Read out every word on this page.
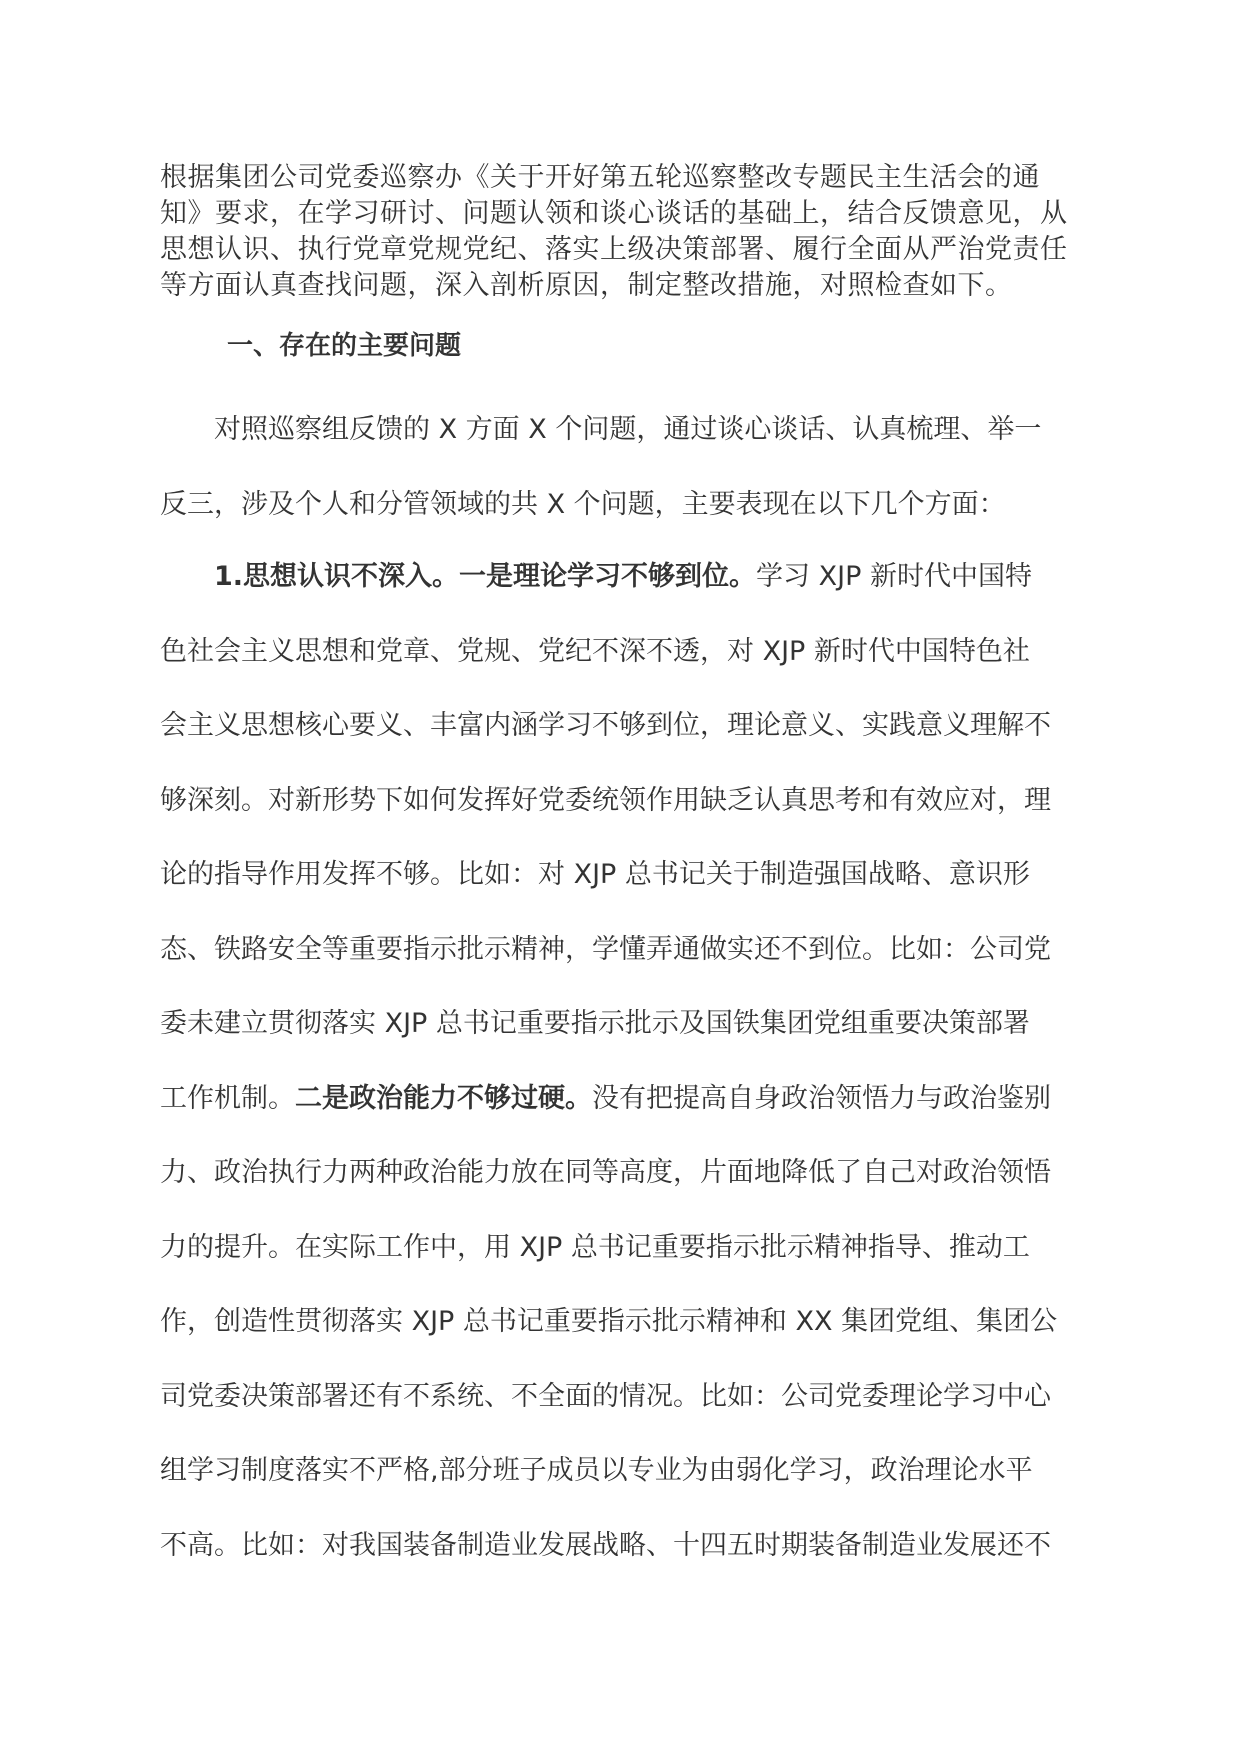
根据集团公司党委巡察办《关于开好第五轮巡察整改专题民主生活会的通
知》要求，在学习研讨、问题认领和谈心谈话的基础上，结合反馈意见，从
思想认识、执行党章党规党纪、落实上级决策部署、履行全面从严治党责任
等方面认真查找问题，深入剖析原因，制定整改措施，对照检查如下。

一、存在的主要问题

　　对照巡察组反馈的 X 方面 X 个问题，通过谈心谈话、认真梳理、举一
反三，涉及个人和分管领域的共 X 个问题，主要表现在以下几个方面：

　　1.思想认识不深入。一是理论学习不够到位。学习 XJP 新时代中国特
色社会主义思想和党章、党规、党纪不深不透，对 XJP 新时代中国特色社
会主义思想核心要义、丰富内涵学习不够到位，理论意义、实践意义理解不
够深刻。对新形势下如何发挥好党委统领作用缺乏认真思考和有效应对，理
论的指导作用发挥不够。比如：对 XJP 总书记关于制造强国战略、意识形
态、铁路安全等重要指示批示精神，学懂弄通做实还不到位。比如：公司党
委未建立贯彻落实 XJP 总书记重要指示批示及国铁集团党组重要决策部署
工作机制。二是政治能力不够过硬。没有把提高自身政治领悟力与政治鉴别
力、政治执行力两种政治能力放在同等高度，片面地降低了自己对政治领悟
力的提升。在实际工作中，用 XJP 总书记重要指示批示精神指导、推动工
作，创造性贯彻落实 XJP 总书记重要指示批示精神和 XX 集团党组、集团公
司党委决策部署还有不系统、不全面的情况。比如：公司党委理论学习中心
组学习制度落实不严格,部分班子成员以专业为由弱化学习，政治理论水平
不高。比如：对我国装备制造业发展战略、十四五时期装备制造业发展还不
